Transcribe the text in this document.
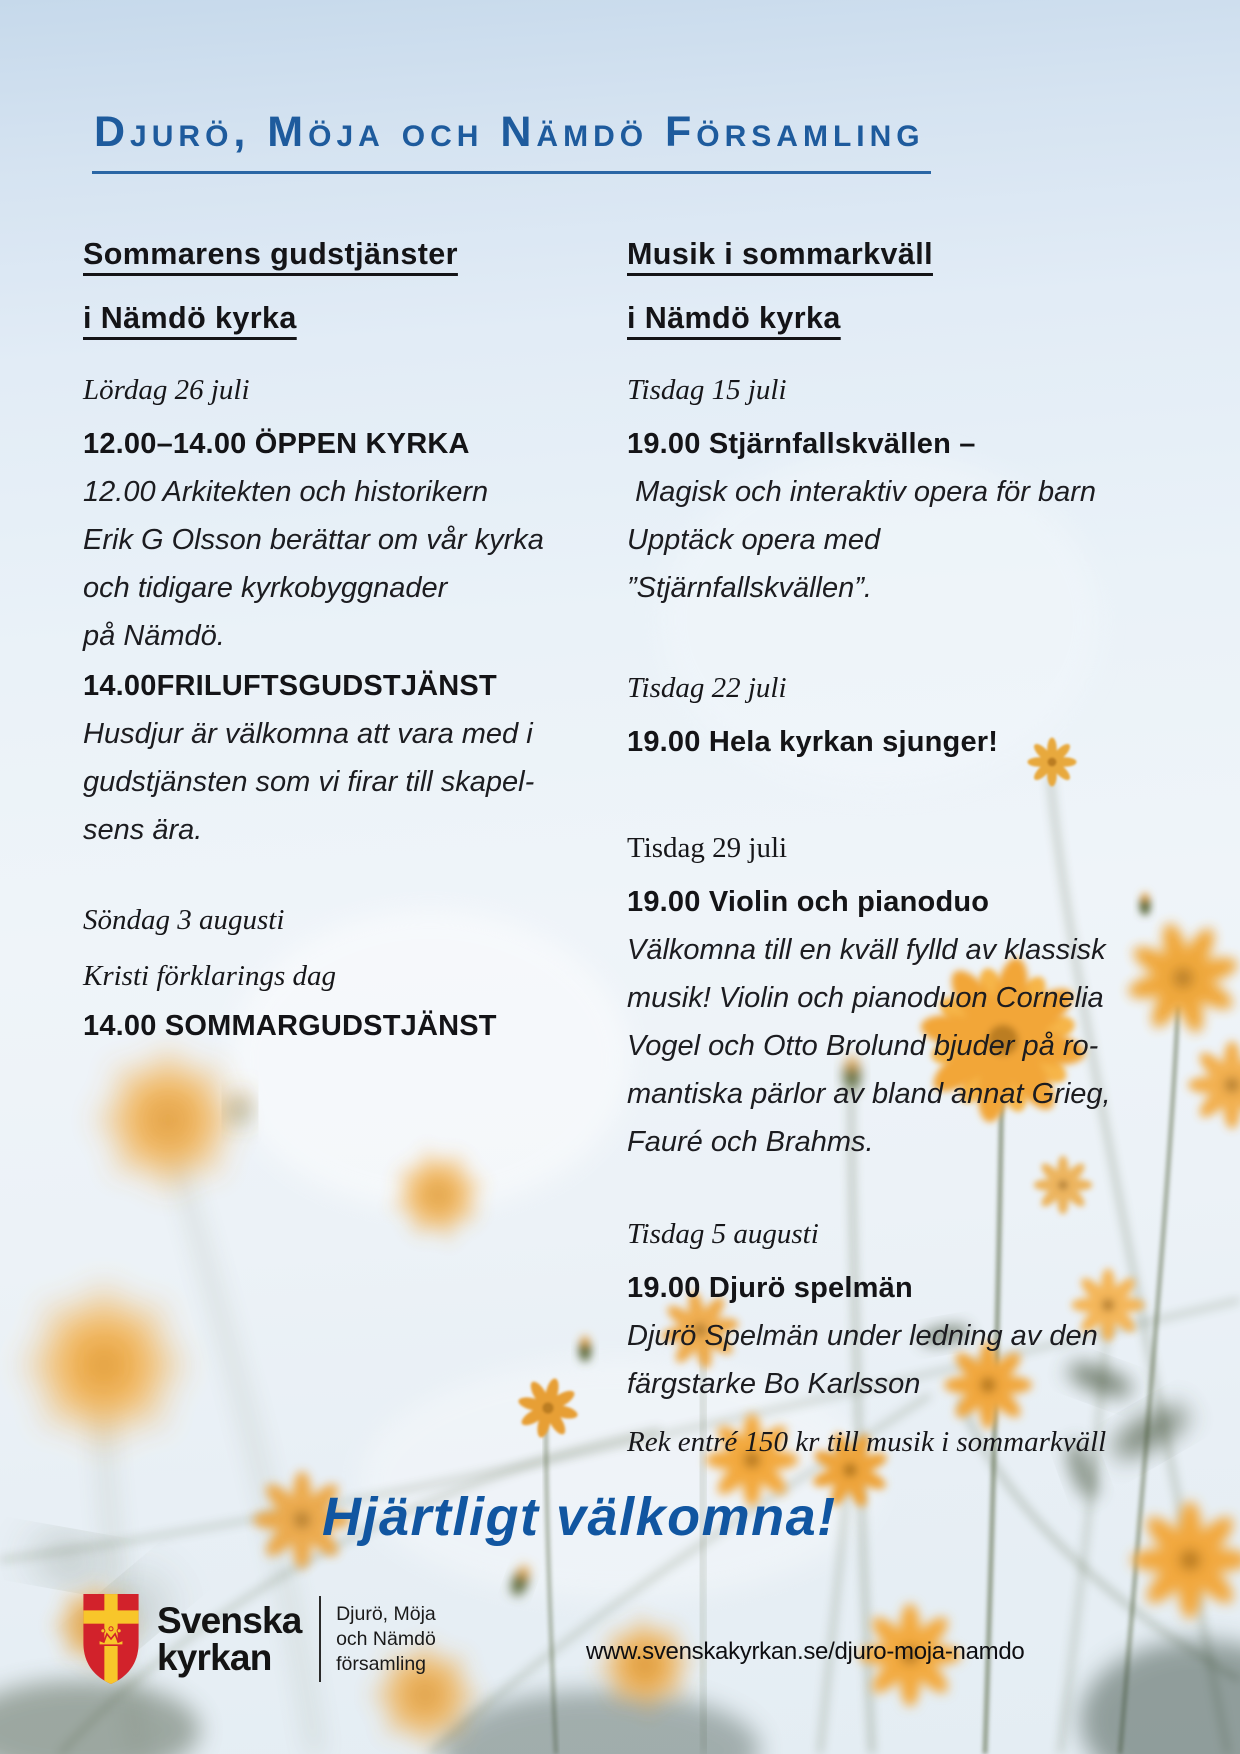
Djurö, Möja och Nämdö Församling
Sommarens gudstjänster
i Nämdö kyrka

Lördag 26 juli

12.00–14.00 ÖPPEN KYRKA

12.00 Arkitekten och historikern

Erik G Olsson berättar om vår kyrka

och tidigare kyrkobyggnader

på Nämdö.

14.00FRILUFTSGUDSTJÄNST

Husdjur är välkomna att vara med i

gudstjänsten som vi firar till skapel-

sens ära.

Söndag 3 augusti

Kristi förklarings dag

14.00 SOMMARGUDSTJÄNST

Musik i sommarkväll
i Nämdö kyrka

Tisdag 15 juli

19.00 Stjärnfallskvällen –

Magisk och interaktiv opera för barn

Upptäck opera med

”Stjärnfallskvällen”.

Tisdag 22 juli

19.00 Hela kyrkan sjunger!

Tisdag 29 juli

19.00 Violin och pianoduo

Välkomna till en kväll fylld av klassisk

musik! Violin och pianoduon Cornelia

Vogel och Otto Brolund bjuder på ro-

mantiska pärlor av bland annat Grieg,

Fauré och Brahms.

Tisdag 5 augusti

19.00 Djurö spelmän

Djurö Spelmän under ledning av den

färgstarke Bo Karlsson

Rek entré 150 kr till musik i sommarkväll

Hjärtligt välkomna!
Svenska
kyrkan
Djurö, Möja
och Nämdö
församling	www.svenskakyrkan.se/djuro-moja-namdo
